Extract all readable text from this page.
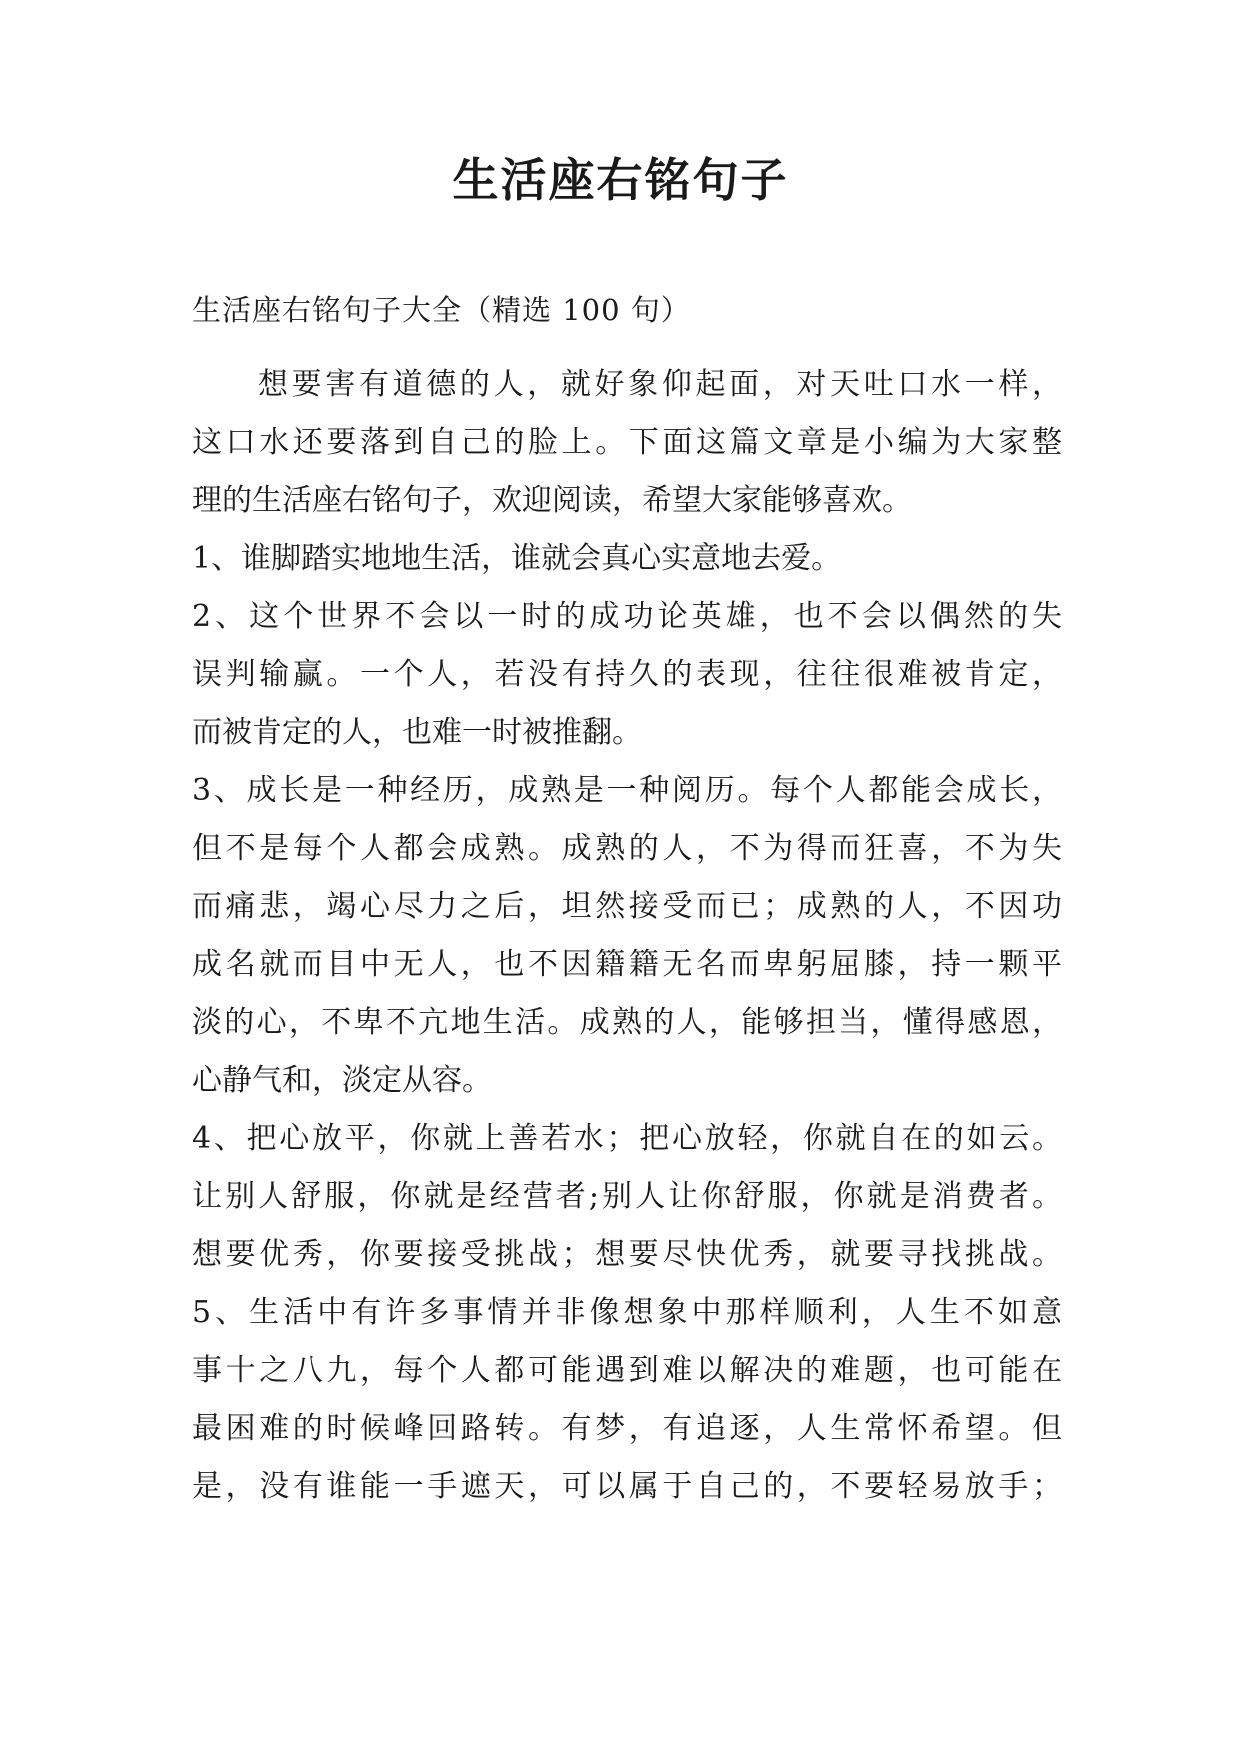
生活座右铭句子
生活座右铭句子大全（精选 100 句）
想要害有道德的人，就好象仰起面，对天吐口水一样，
这口水还要落到自己的脸上。下面这篇文章是小编为大家整
理的生活座右铭句子，欢迎阅读，希望大家能够喜欢。
1、谁脚踏实地地生活，谁就会真心实意地去爱。
2、这个世界不会以一时的成功论英雄，也不会以偶然的失
误判输赢。一个人，若没有持久的表现，往往很难被肯定，
而被肯定的人，也难一时被推翻。
3、成长是一种经历，成熟是一种阅历。每个人都能会成长，
但不是每个人都会成熟。成熟的人，不为得而狂喜，不为失
而痛悲，竭心尽力之后，坦然接受而已；成熟的人，不因功
成名就而目中无人，也不因籍籍无名而卑躬屈膝，持一颗平
淡的心，不卑不亢地生活。成熟的人，能够担当，懂得感恩，
心静气和，淡定从容。
4、把心放平，你就上善若水；把心放轻，你就自在的如云。
让别人舒服，你就是经营者;别人让你舒服，你就是消费者。
想要优秀，你要接受挑战；想要尽快优秀，就要寻找挑战。
5、生活中有许多事情并非像想象中那样顺利，人生不如意
事十之八九，每个人都可能遇到难以解决的难题，也可能在
最困难的时候峰回路转。有梦，有追逐，人生常怀希望。但
是，没有谁能一手遮天，可以属于自己的，不要轻易放手；
